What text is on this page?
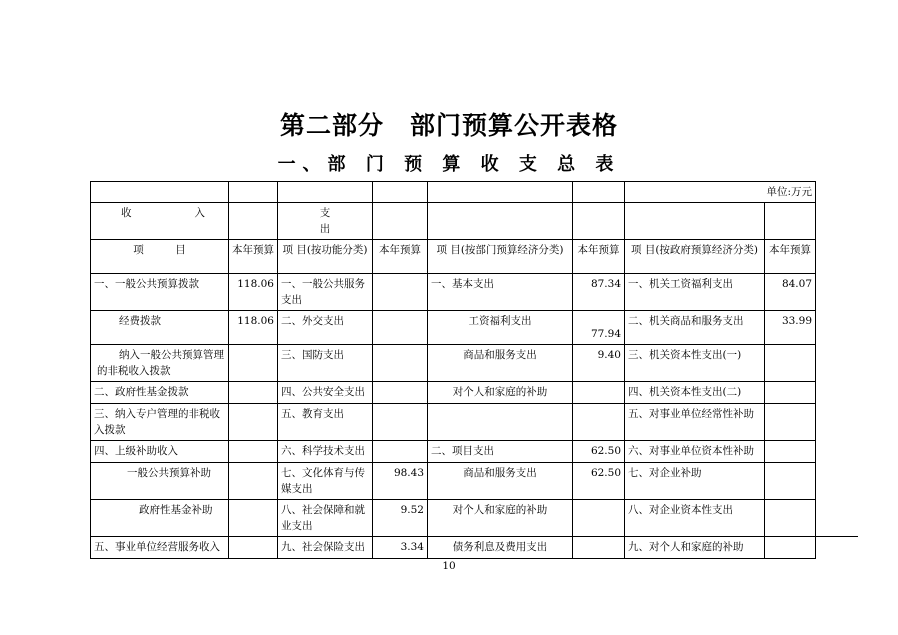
第二部分　部门预算公开表格
一、部 门 预 算 收 支 总 表
						单位:万元	
收　　　　　　入		支
出					

项　　　目	本年预算	项 目(按功能分类)	本年预算	项 目(按部门预算经济分类)	本年预算	项 目(按政府预算经济分类)	本年预算
一、一般公共预算拨款	118.06	一、一般公共服务支出		一、基本支出	87.34	一、机关工资福利支出	84.07
经费拨款	118.06	二、外交支出		工资福利支出	77.94	二、机关商品和服务支出	33.99
纳入一般公共预算管理的非税收入拨款		三、国防支出		商品和服务支出	9.40	三、机关资本性支出(一)	
二、政府性基金拨款		四、公共安全支出		对个人和家庭的补助		四、机关资本性支出(二)	
三、纳入专户管理的非税收入拨款		五、教育支出				五、对事业单位经常性补助	
四、上级补助收入		六、科学技术支出		二、项目支出	62.50	六、对事业单位资本性补助	
一般公共预算补助		七、文化体育与传媒支出	98.43	商品和服务支出	62.50	七、对企业补助	
政府性基金补助		八、社会保障和就业支出	9.52	对个人和家庭的补助		八、对企业资本性支出	
五、事业单位经营服务收入		九、社会保险支出	3.34	债务利息及费用支出		九、对个人和家庭的补助	
10
